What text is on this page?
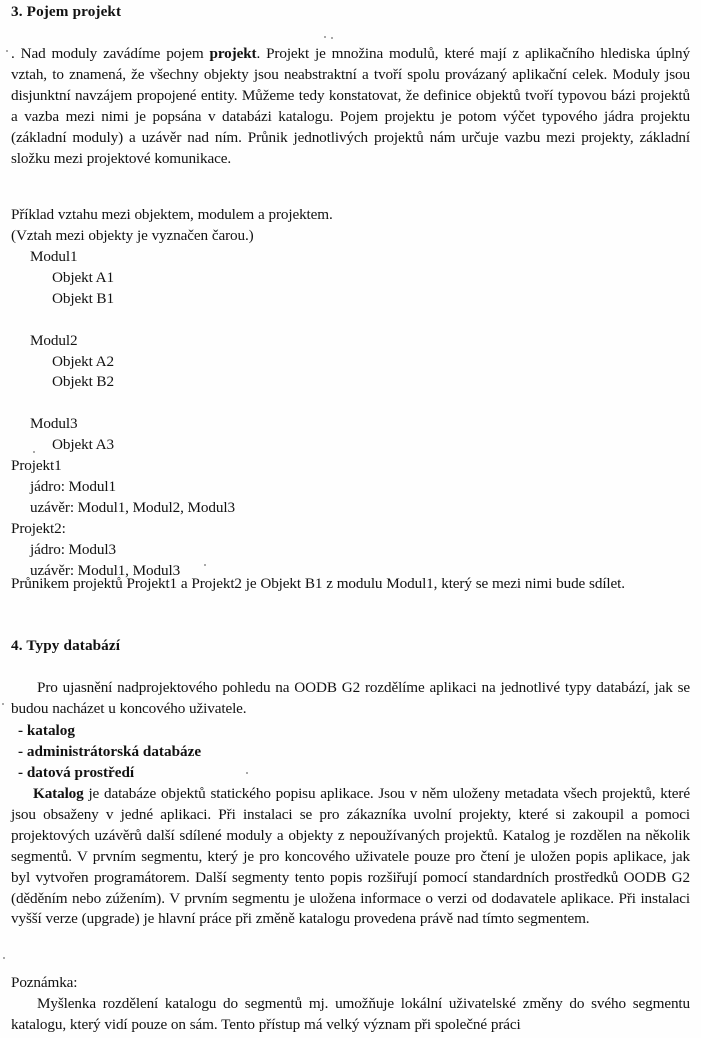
3. Pojem projekt
. Nad moduly zavádíme pojem projekt. Projekt je množina modulů, které mají z aplikačního hlediska úplný vztah, to znamená, že všechny objekty jsou neabstraktní a tvoří spolu provázaný aplikační celek. Moduly jsou disjunktní navzájem propojené entity. Můžeme tedy konstatovat, že definice objektů tvoří typovou bázi projektů a vazba mezi nimi je popsána v databázi katalogu. Pojem projektu je potom výčet typového jádra projektu (základní moduly) a uzávěr nad ním. Průnik jednotlivých projektů nám určuje vazbu mezi projekty, základní složku mezi projektové komunikace.
Příklad vztahu mezi objektem, modulem a projektem.
(Vztah mezi objekty je vyznačen čarou.)
Modul1
Objekt A1
Objekt B1
Modul2
Objekt A2
Objekt B2
Modul3
Objekt A3
Projekt1
jádro: Modul1
uzávěr: Modul1, Modul2, Modul3
Projekt2:
jádro: Modul3
uzávěr: Modul1, Modul3
Průnikem projektů Projekt1 a Projekt2 je Objekt B1 z modulu Modul1, který se mezi nimi bude sdílet.
4. Typy databází
Pro ujasnění nadprojektového pohledu na OODB G2 rozdělíme aplikaci na jednotlivé typy databází, jak se budou nacházet u koncového uživatele.
- katalog
- administrátorská databáze
- datová prostředí
Katalog je databáze objektů statického popisu aplikace. Jsou v něm uloženy metadata všech projektů, které jsou obsaženy v jedné aplikaci. Při instalaci se pro zákazníka uvolní projekty, které si zakoupil a pomoci projektových uzávěrů další sdílené moduly a objekty z nepoužívaných projektů. Katalog je rozdělen na několik segmentů. V prvním segmentu, který je pro koncového uživatele pouze pro čtení je uložen popis aplikace, jak byl vytvořen programátorem. Další segmenty tento popis rozšiřují pomocí standardních prostředků OODB G2 (děděním nebo zúžením). V prvním segmentu je uložena informace o verzi od dodavatele aplikace. Při instalaci vyšší verze (upgrade) je hlavní práce při změně katalogu provedena právě nad tímto segmentem.
Poznámka:
Myšlenka rozdělení katalogu do segmentů mj. umožňuje lokální uživatelské změny do svého segmentu katalogu, který vidí pouze on sám. Tento přístup má velký význam při společné práci
